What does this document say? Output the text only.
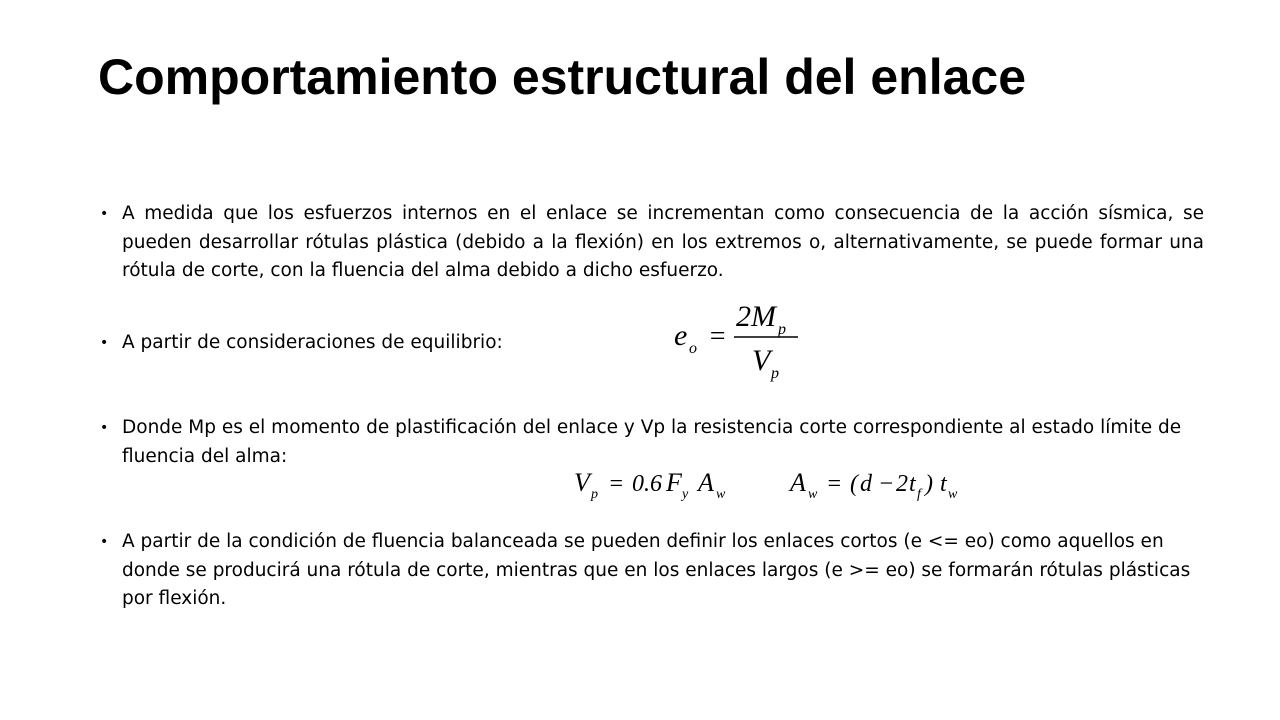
Comportamiento estructural del enlace
• A medida que los esfuerzos internos en el enlace se incrementan como consecuencia de la acción sísmica, se pueden desarrollar rótulas plástica (debido a la flexión) en los extremos o, alternativamente, se puede formar una rótula de corte, con la fluencia del alma debido a dicho esfuerzo.
• A partir de consideraciones de equilibrio:
• Donde Mp es el momento de plastificación del enlace y Vp la resistencia corte correspondiente al estado límite de fluencia del alma:
• A partir de la condición de fluencia balanceada se pueden definir los enlaces cortos (e <= eo) como aquellos en donde se producirá una rótula de corte, mientras que en los enlaces largos (e >= eo) se formarán rótulas plásticas por flexión.
e o =
2 M p
V p
V p = 0.6 F y A w A w = ( d − 2 t f ) t w
